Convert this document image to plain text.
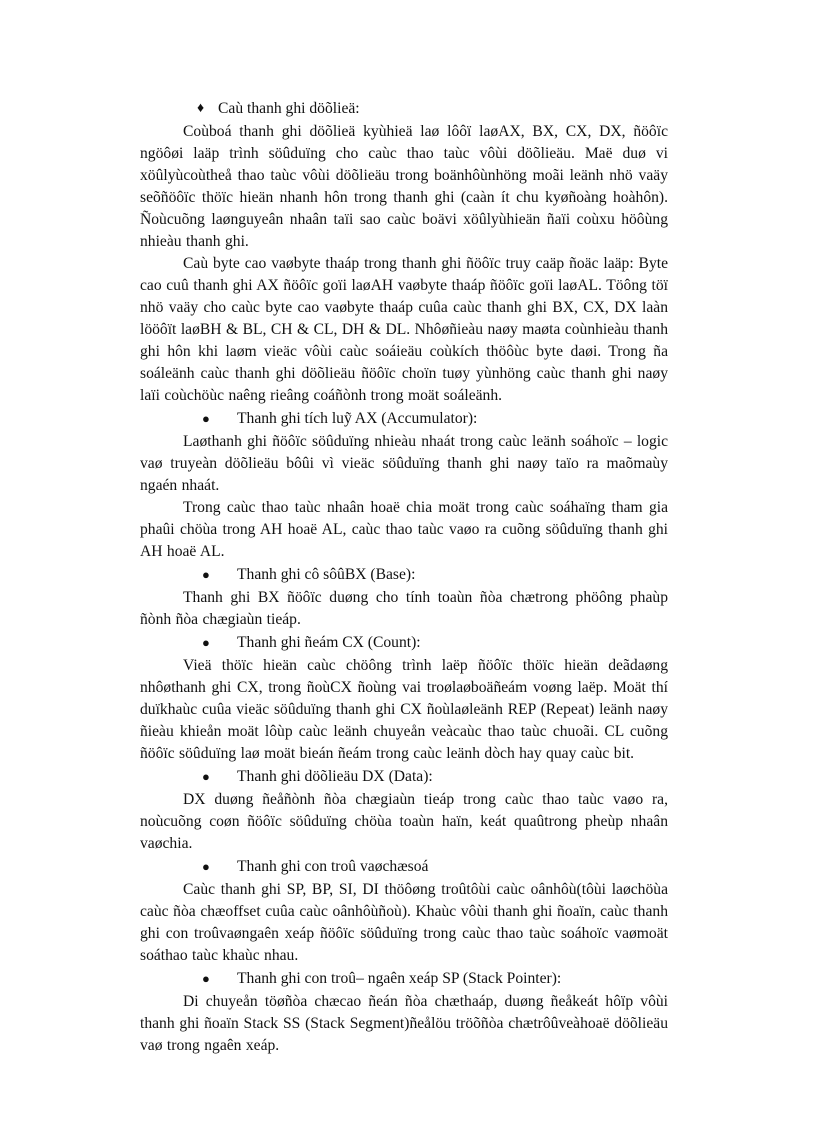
♦ Caù thanh ghi döõlieä:

Coùboá thanh ghi döõlieä kyùhieä laø lôôï laøAX, BX, CX, DX, ñöôïc ngöôøi laäp trình söûduïng cho caùc thao taùc vôùi döõlieäu. Maë duø vi xöûlyùcoùtheå thao taùc vôùi döõlieäu trong boänhôùnhöng moãi leänh nhö vaäy seõñöôïc thöïc hieän nhanh hôn trong thanh ghi (caàn ít chu kyøñoàng hoàhôn). Ñoùcuõng laønguyeân nhaân taïi sao caùc boävi xöûlyùhieän ñaïi coùxu höôùng nhieàu thanh ghi.

Caù byte cao vaøbyte thaáp trong thanh ghi ñöôïc truy caäp ñoäc laäp: Byte cao cuû thanh ghi AX ñöôïc goïi laøAH vaøbyte thaáp ñöôïc goïi laøAL. Töông töï nhö vaäy cho caùc byte cao vaøbyte thaáp cuûa caùc thanh ghi BX, CX, DX laàn lööôït laøBH & BL, CH & CL, DH & DL. Nhôøñieàu naøy maøta coùnhieàu thanh ghi hôn khi laøm vieäc vôùi caùc soáieäu coùkích thöôùc byte daøi. Trong ña soáleänh caùc thanh ghi döõlieäu ñöôïc choïn tuøy yùnhöng caùc thanh ghi naøy laïi coùchöùc naêng rieâng coáñònh trong moät soáleänh.

● Thanh ghi tích luỹ AX (Accumulator):

Laøthanh ghi ñöôïc söûduïng nhieàu nhaát trong caùc leänh soáhoïc – logic vaø truyeàn döõlieäu bôûi vì vieäc söûduïng thanh ghi naøy taïo ra maõmaùy ngaén nhaát.

Trong caùc thao taùc nhaân hoaë chia moät trong caùc soáhaïng tham gia phaûi chöùa trong AH hoaë AL, caùc thao taùc vaøo ra cuõng söûduïng thanh ghi AH hoaë AL.

● Thanh ghi cô sôûBX (Base):

Thanh ghi BX ñöôïc duøng cho tính toaùn ñòa chætrong phöông phaùp ñònh ñòa chægiaùn tieáp.

● Thanh ghi ñeám CX (Count):

Vieä thöïc hieän caùc chöông trình laëp ñöôïc thöïc hieän deãdaøng nhôøthanh ghi CX, trong ñoùCX ñoùng vai troølaøboäñeám voøng laëp. Moät thí duïkhaùc cuûa vieäc söûduïng thanh ghi CX ñoùlaøleänh REP (Repeat) leänh naøy ñieàu khieån moät lôùp caùc leänh chuyeån veàcaùc thao taùc chuoãi. CL cuõng ñöôïc söûduïng laø moät bieán ñeám trong caùc leänh dòch hay quay caùc bit.

● Thanh ghi döõlieäu DX (Data):

DX duøng ñeåñònh ñòa chægiaùn tieáp trong caùc thao taùc vaøo ra, noùcuõng coøn ñöôïc söûduïng chöùa toaùn haïn, keát quaûtrong pheùp nhaân vaøchia.

● Thanh ghi con troû vaøchæsoá

Caùc thanh ghi SP, BP, SI, DI thöôøng troûtôùi caùc oânhôù(tôùi laøchöùa caùc ñòa chæoffset cuûa caùc oânhôùñoù). Khaùc vôùi thanh ghi ñoaïn, caùc thanh ghi con troûvaøngaên xeáp ñöôïc söûduïng trong caùc thao taùc soáhoïc vaømoät soáthao taùc khaùc nhau.

● Thanh ghi con troû– ngaên xeáp SP (Stack Pointer):

Di chuyeån töøñòa chæcao ñeán ñòa chæthaáp, duøng ñeåkeát hôïp vôùi thanh ghi ñoaïn Stack SS (Stack Segment)ñeålöu tröõñòa chætrôûveàhoaë döõlieäu vaø trong ngaên xeáp.
